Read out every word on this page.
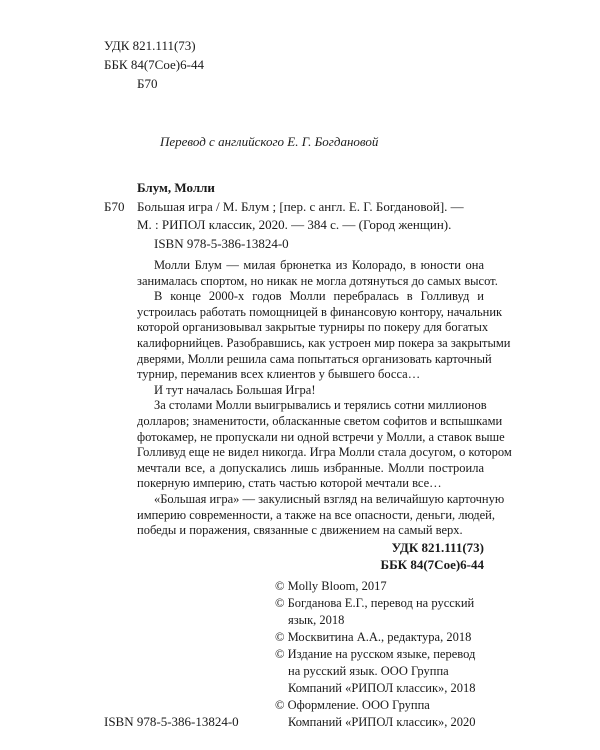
УДК 821.111(73)
ББК 84(7Сое)6-44
Б70
Перевод с английского Е. Г. Богдановой
Блум, Молли
Б70 Большая игра / М. Блум ; [пер. с англ. Е. Г. Богдановой]. —
М. : РИПОЛ классик, 2020. — 384 с. — (Город женщин).
ISBN 978-5-386-13824-0
Молли Блум — милая брюнетка из Колорадо, в юности она
занималась спортом, но никак не могла дотянуться до самых высот.
В конце 2000-х годов Молли перебралась в Голливуд и
устроилась работать помощницей в финансовую контору, начальник
которой организовывал закрытые турниры по покеру для богатых
калифорнийцев. Разобравшись, как устроен мир покера за закрытыми
дверями, Молли решила сама попытаться организовать карточный
турнир, переманив всех клиентов у бывшего босса…
И тут началась Большая Игра!
За столами Молли выигрывались и терялись сотни миллионов
долларов; знаменитости, обласканные светом софитов и вспышками
фотокамер, не пропускали ни одной встречи у Молли, а ставок выше
Голливуд еще не видел никогда. Игра Молли стала досугом, о котором
мечтали все, а допускались лишь избранные. Молли построила
покерную империю, стать частью которой мечтали все…
«Большая игра» — закулисный взгляд на величайшую карточную
империю современности, а также на все опасности, деньги, людей,
победы и поражения, связанные с движением на самый верх.
УДК 821.111(73)
ББК 84(7Сое)6-44
© Molly Bloom, 2017
© Богданова Е.Г., перевод на русский
язык, 2018
© Москвитина А.А., редактура, 2018
© Издание на русском языке, перевод
на русский язык. ООО Группа
Компаний «РИПОЛ классик», 2018
© Оформление. ООО Группа
Компаний «РИПОЛ классик», 2020
ISBN 978-5-386-13824-0
